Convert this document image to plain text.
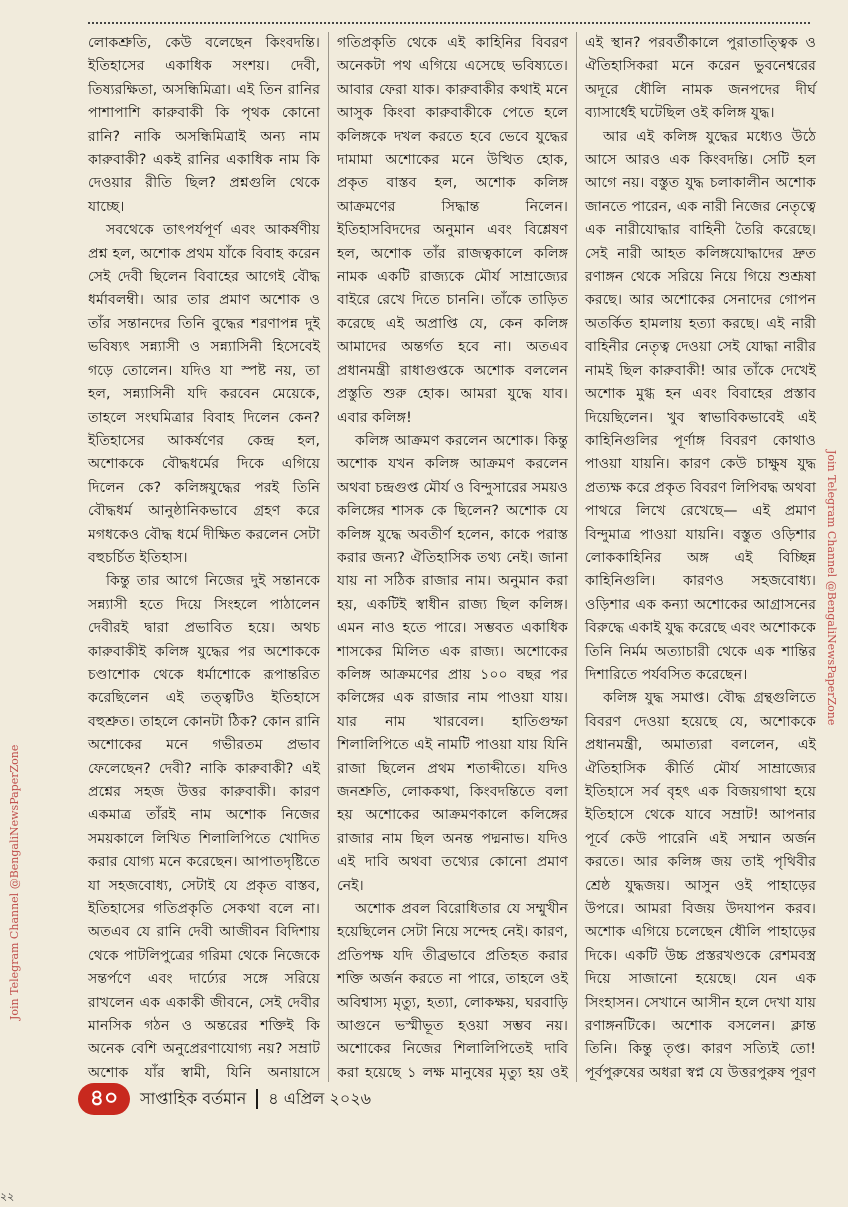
লোকশ্রুতি, কেউ বলেছেন কিংবদন্তি। ইতিহাসের একাধিক সংশয়। দেবী, তিষ্যরক্ষিতা, অসন্ধিমিত্রা। এই তিন রানির পাশাপাশি কারুবাকী কি পৃথক কোনো রানি? নাকি অসন্ধিমিত্রাই অন্য নাম কারুবাকী? একই রানির একাধিক নাম কি দেওয়ার রীতি ছিল? প্রশ্নগুলি থেকে যাচ্ছে।

সবথেকে তাৎপর্যপূর্ণ এবং আকর্ষণীয় প্রশ্ন হল, অশোক প্রথম যাঁকে বিবাহ করেন সেই দেবী ছিলেন বিবাহের আগেই বৌদ্ধ ধর্মাবলম্বী। আর তার প্রমাণ অশোক ও তাঁর সন্তানদের তিনি বুদ্ধের শরণাপন্ন দুই ভবিষ্যৎ সন্ন্যাসী ও সন্ন্যাসিনী হিসেবেই গড়ে তোলেন। যদিও যা স্পষ্ট নয়, তা হল, সন্ন্যাসিনী যদি করবেন মেয়েকে, তাহলে সংঘমিত্রার বিবাহ দিলেন কেন? ইতিহাসের আকর্ষণের কেন্দ্র হল, অশোককে বৌদ্ধধর্মের দিকে এগিয়ে দিলেন কে? কলিঙ্গযুদ্ধের পরই তিনি বৌদ্ধধর্ম আনুষ্ঠানিকভাবে গ্রহণ করে মগধকেও বৌদ্ধ ধর্মে দীক্ষিত করলেন সেটা বহুচর্চিত ইতিহাস।

কিন্তু তার আগে নিজের দুই সন্তানকে সন্ন্যাসী হতে দিয়ে সিংহলে পাঠালেন দেবীরই দ্বারা প্রভাবিত হয়ে। অথচ কারুবাকীই কলিঙ্গ যুদ্ধের পর অশোককে চণ্ডাশোক থেকে ধর্মাশোকে রূপান্তরিত করেছিলেন এই তত্ত্বটিও ইতিহাসে বহুশ্রুত। তাহলে কোনটা ঠিক? কোন রানি অশোকের মনে গভীরতম প্রভাব ফেলেছেন? দেবী? নাকি কারুবাকী? এই প্রশ্নের সহজ উত্তর কারুবাকী। কারণ একমাত্র তাঁরই নাম অশোক নিজের সময়কালে লিখিত শিলালিপিতে খোদিত করার যোগ্য মনে করেছেন। আপাতদৃষ্টিতে যা সহজবোধ্য, সেটাই যে প্রকৃত বাস্তব, ইতিহাসের গতিপ্রকৃতি সেকথা বলে না। অতএব যে রানি দেবী আজীবন বিদিশায় থেকে পাটলিপুত্রের গরিমা থেকে নিজেকে সন্তর্পণে এবং দার্ঢ্যের সঙ্গে সরিয়ে রাখলেন এক একাকী জীবনে, সেই দেবীর মানসিক গঠন ও অন্তরের শক্তিই কি অনেক বেশি অনুপ্রেরণাযোগ্য নয়? সম্রাট অশোক যাঁর স্বামী, যিনি অনায়াসে

গতিপ্রকৃতি থেকে এই কাহিনির বিবরণ অনেকটা পথ এগিয়ে এসেছে ভবিষ্যতে। আবার ফেরা যাক। কারুবাকীর কথাই মনে আসুক কিংবা কারুবাকীকে পেতে হলে কলিঙ্গকে দখল করতে হবে ভেবে যুদ্ধের দামামা অশোকের মনে উত্থিত হোক, প্রকৃত বাস্তব হল, অশোক কলিঙ্গ আক্রমণের সিদ্ধান্ত নিলেন। ইতিহাসবিদদের অনুমান এবং বিশ্লেষণ হল, অশোক তাঁর রাজত্বকালে কলিঙ্গ নামক একটি রাজ্যকে মৌর্য সাম্রাজ্যের বাইরে রেখে দিতে চাননি। তাঁকে তাড়িত করেছে এই অপ্রাপ্তি যে, কেন কলিঙ্গ আমাদের অন্তর্গত হবে না। অতএব প্রধানমন্ত্রী রাধাগুপ্তকে অশোক বললেন প্রস্তুতি শুরু হোক। আমরা যুদ্ধে যাব। এবার কলিঙ্গ!

কলিঙ্গ আক্রমণ করলেন অশোক। কিন্তু অশোক যখন কলিঙ্গ আক্রমণ করলেন অথবা চন্দ্রগুপ্ত মৌর্য ও বিন্দুসারের সময়ও কলিঙ্গের শাসক কে ছিলেন? অশোক যে কলিঙ্গ যুদ্ধে অবতীর্ণ হলেন, কাকে পরাস্ত করার জন্য? ঐতিহাসিক তথ্য নেই। জানা যায় না সঠিক রাজার নাম। অনুমান করা হয়, একটিই স্বাধীন রাজ্য ছিল কলিঙ্গ। এমন নাও হতে পারে। সম্ভবত একাধিক শাসকের মিলিত এক রাজ্য। অশোকের কলিঙ্গ আক্রমণের প্রায় ১০০ বছর পর কলিঙ্গের এক রাজার নাম পাওয়া যায়। যার নাম খারবেল। হাতিগুম্ফা শিলালিপিতে এই নামটি পাওয়া যায় যিনি রাজা ছিলেন প্রথম শতাব্দীতে। যদিও জনশ্রুতি, লোককথা, কিংবদন্তিতে বলা হয় অশোকের আক্রমণকালে কলিঙ্গের রাজার নাম ছিল অনন্ত পদ্মনাভ। যদিও এই দাবি অথবা তথ্যের কোনো প্রমাণ নেই।

অশোক প্রবল বিরোধিতার যে সম্মুখীন হয়েছিলেন সেটা নিয়ে সন্দেহ নেই। কারণ, প্রতিপক্ষ যদি তীব্রভাবে প্রতিহত করার শক্তি অর্জন করতে না পারে, তাহলে ওই অবিশ্বাস্য মৃত্যু, হত্যা, লোকক্ষয়, ঘরবাড়ি আগুনে ভস্মীভূত হওয়া সম্ভব নয়। অশোকের নিজের শিলালিপিতেই দাবি করা হয়েছে ১ লক্ষ মানুষের মৃত্যু হয় ওই

এই স্থান? পরবর্তীকালে পুরাতাত্ত্বিক ও ঐতিহাসিকরা মনে করেন ভুবনেশ্বরের অদূরে ধৌলি নামক জনপদের দীর্ঘ ব্যাসার্ধেই ঘটেছিল ওই কলিঙ্গ যুদ্ধ।

আর এই কলিঙ্গ যুদ্ধের মধ্যেও উঠে আসে আরও এক কিংবদন্তি। সেটি হল আগে নয়। বস্তুত যুদ্ধ চলাকালীন অশোক জানতে পারেন, এক নারী নিজের নেতৃত্বে এক নারীযোদ্ধার বাহিনী তৈরি করেছে। সেই নারী আহত কলিঙ্গযোদ্ধাদের দ্রুত রণাঙ্গন থেকে সরিয়ে নিয়ে গিয়ে শুশ্রূষা করছে। আর অশোকের সেনাদের গোপন অতর্কিত হামলায় হত্যা করছে। এই নারী বাহিনীর নেতৃত্ব দেওয়া সেই যোদ্ধা নারীর নামই ছিল কারুবাকী! আর তাঁকে দেখেই অশোক মুগ্ধ হন এবং বিবাহের প্রস্তাব দিয়েছিলেন। খুব স্বাভাবিকভাবেই এই কাহিনিগুলির পূর্ণাঙ্গ বিবরণ কোথাও পাওয়া যায়নি। কারণ কেউ চাক্ষুষ যুদ্ধ প্রত্যক্ষ করে প্রকৃত বিবরণ লিপিবদ্ধ অথবা পাথরে লিখে রেখেছে— এই প্রমাণ বিন্দুমাত্র পাওয়া যায়নি। বস্তুত ওড়িশার লোককাহিনির অঙ্গ এই বিচ্ছিন্ন কাহিনিগুলি। কারণও সহজবোধ্য। ওড়িশার এক কন্যা অশোকের আগ্রাসনের বিরুদ্ধে একাই যুদ্ধ করেছে এবং অশোককে তিনি নির্মম অত্যাচারী থেকে এক শান্তির দিশারিতে পর্যবসিত করেছেন।

কলিঙ্গ যুদ্ধ সমাপ্ত। বৌদ্ধ গ্রন্থগুলিতে বিবরণ দেওয়া হয়েছে যে, অশোককে প্রধানমন্ত্রী, অমাত্যরা বললেন, এই ঐতিহাসিক কীর্তি মৌর্য সাম্রাজ্যের ইতিহাসে সর্ব বৃহৎ এক বিজয়গাথা হয়ে ইতিহাসে থেকে যাবে সম্রাট! আপনার পূর্বে কেউ পারেনি এই সম্মান অর্জন করতে। আর কলিঙ্গ জয় তাই পৃথিবীর শ্রেষ্ঠ যুদ্ধজয়। আসুন ওই পাহাড়ের উপরে। আমরা বিজয় উদযাপন করব। অশোক এগিয়ে চলেছেন ধৌলি পাহাড়ের দিকে। একটি উচ্চ প্রস্তরখণ্ডকে রেশমবস্ত্র দিয়ে সাজানো হয়েছে। যেন এক সিংহাসন। সেখানে আসীন হলে দেখা যায় রণাঙ্গনটিকে। অশোক বসলেন। ক্লান্ত তিনি। কিন্তু তৃপ্ত। কারণ সত্যিই তো! পূর্বপুরুষের অধরা স্বপ্ন যে উত্তরপুরুষ পূরণ

Join Telegram Channel @BengaliNewsPaperZone
Join Telegram Channel @BengaliNewsPaperZone
৪০	সাপ্তাহিক বর্তমান ৪ এপ্রিল ২০২৬
২২
